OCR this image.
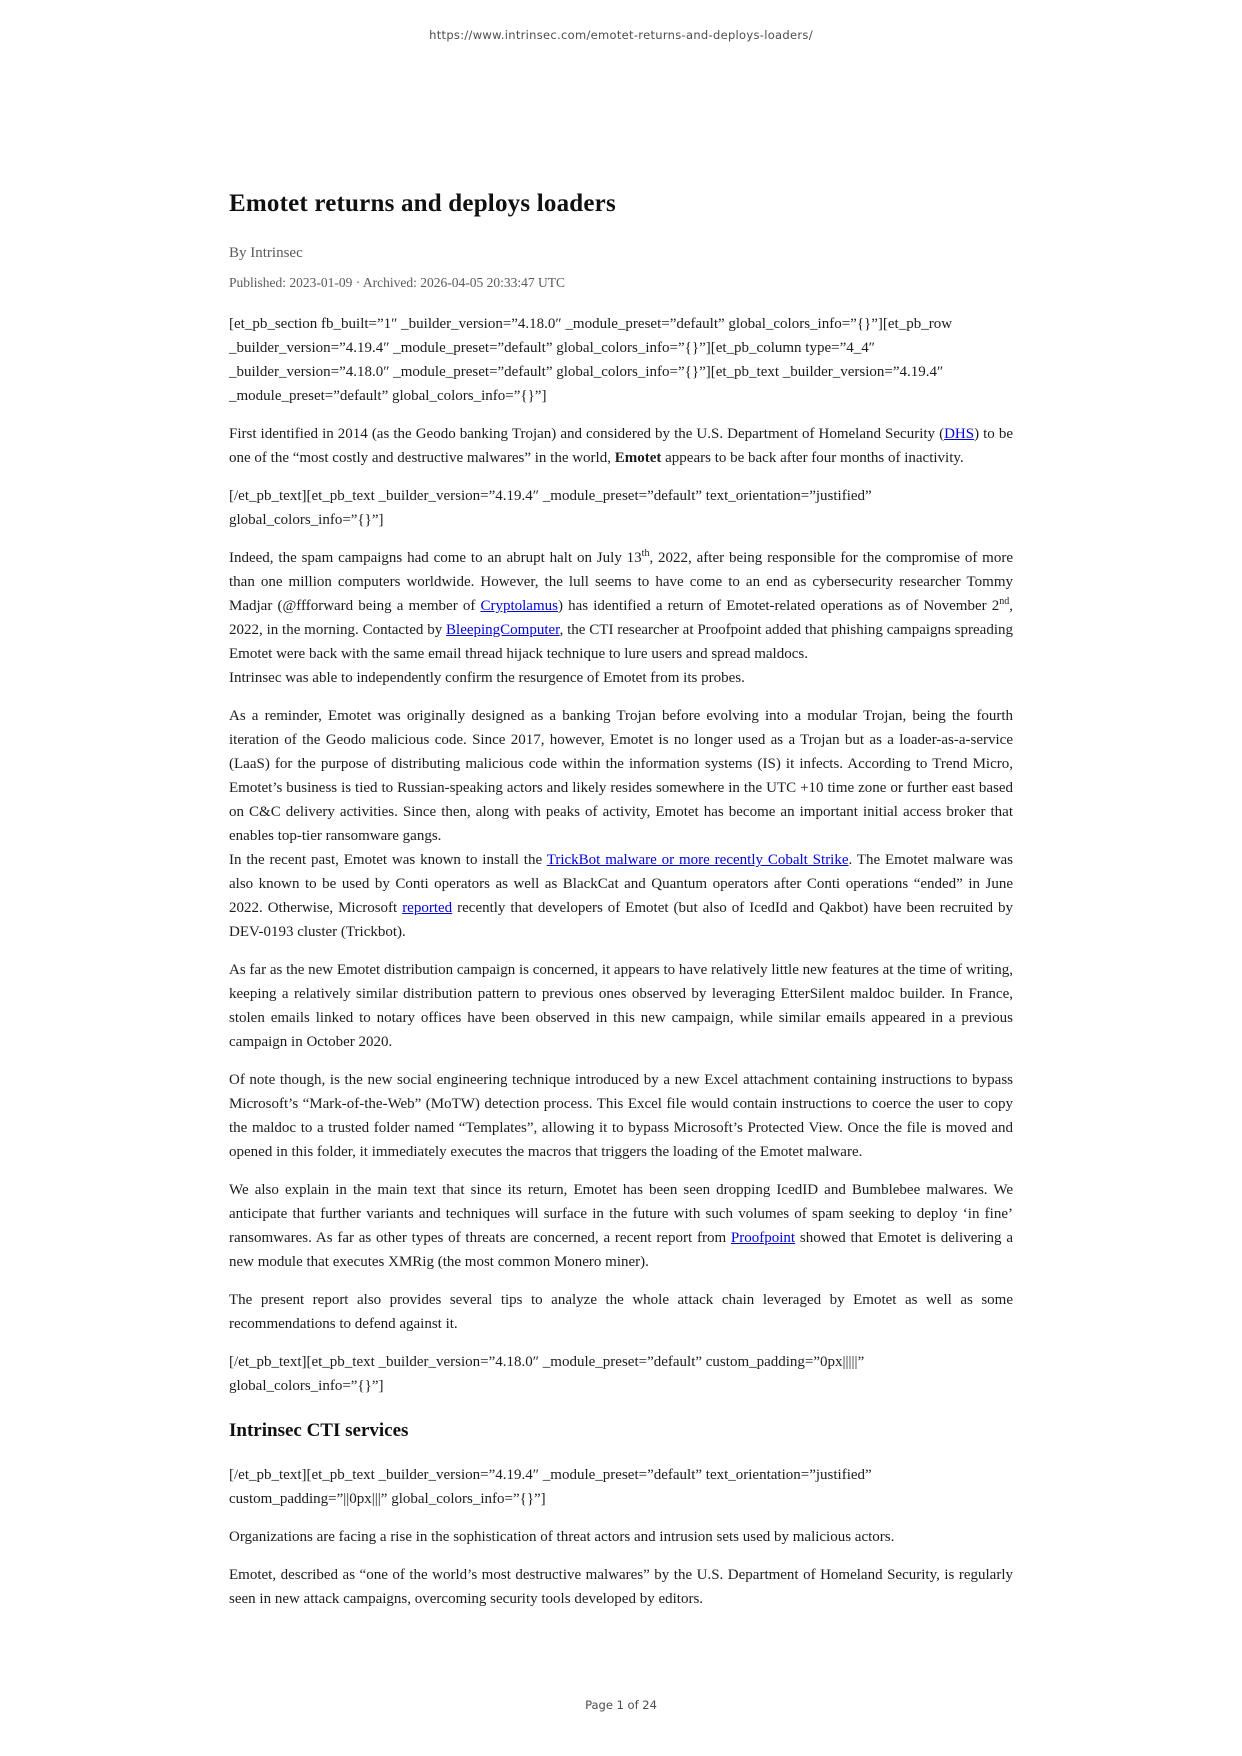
https://www.intrinsec.com/emotet-returns-and-deploys-loaders/
Emotet returns and deploys loaders
By Intrinsec
Published: 2023-01-09 · Archived: 2026-04-05 20:33:47 UTC

[et_pb_section fb_built=”1″ _builder_version=”4.18.0″ _module_preset=”default” global_colors_info=”{}”][et_pb_row _builder_version=”4.19.4″ _module_preset=”default” global_colors_info=”{}”][et_pb_column type=”4_4″ _builder_version=”4.18.0″ _module_preset=”default” global_colors_info=”{}”][et_pb_text _builder_version=”4.19.4″ _module_preset=”default” global_colors_info=”{}”]

First identified in 2014 (as the Geodo banking Trojan) and considered by the U.S. Department of Homeland Security (DHS) to be one of the “most costly and destructive malwares” in the world, Emotet appears to be back after four months of inactivity.

[/et_pb_text][et_pb_text _builder_version=”4.19.4″ _module_preset=”default” text_orientation=”justified” global_colors_info=”{}”]

Indeed, the spam campaigns had come to an abrupt halt on July 13th, 2022, after being responsible for the compromise of more than one million computers worldwide. However, the lull seems to have come to an end as cybersecurity researcher Tommy Madjar (@ffforward being a member of Cryptolamus) has identified a return of Emotet-related operations as of November 2nd, 2022, in the morning. Contacted by BleepingComputer, the CTI researcher at Proofpoint added that phishing campaigns spreading Emotet were back with the same email thread hijack technique to lure users and spread maldocs.
Intrinsec was able to independently confirm the resurgence of Emotet from its probes.

As a reminder, Emotet was originally designed as a banking Trojan before evolving into a modular Trojan, being the fourth iteration of the Geodo malicious code. Since 2017, however, Emotet is no longer used as a Trojan but as a loader-as-a-service (LaaS) for the purpose of distributing malicious code within the information systems (IS) it infects. According to Trend Micro, Emotet’s business is tied to Russian-speaking actors and likely resides somewhere in the UTC +10 time zone or further east based on C&C delivery activities. Since then, along with peaks of activity, Emotet has become an important initial access broker that enables top-tier ransomware gangs.
In the recent past, Emotet was known to install the TrickBot malware or more recently Cobalt Strike. The Emotet malware was also known to be used by Conti operators as well as BlackCat and Quantum operators after Conti operations “ended” in June 2022. Otherwise, Microsoft reported recently that developers of Emotet (but also of IcedId and Qakbot) have been recruited by DEV-0193 cluster (Trickbot).

As far as the new Emotet distribution campaign is concerned, it appears to have relatively little new features at the time of writing, keeping a relatively similar distribution pattern to previous ones observed by leveraging EtterSilent maldoc builder. In France, stolen emails linked to notary offices have been observed in this new campaign, while similar emails appeared in a previous campaign in October 2020.

Of note though, is the new social engineering technique introduced by a new Excel attachment containing instructions to bypass Microsoft’s “Mark-of-the-Web” (MoTW) detection process. This Excel file would contain instructions to coerce the user to copy the maldoc to a trusted folder named “Templates”, allowing it to bypass Microsoft’s Protected View. Once the file is moved and opened in this folder, it immediately executes the macros that triggers the loading of the Emotet malware.

We also explain in the main text that since its return, Emotet has been seen dropping IcedID and Bumblebee malwares. We anticipate that further variants and techniques will surface in the future with such volumes of spam seeking to deploy ‘in fine’ ransomwares. As far as other types of threats are concerned, a recent report from Proofpoint showed that Emotet is delivering a new module that executes XMRig (the most common Monero miner).

The present report also provides several tips to analyze the whole attack chain leveraged by Emotet as well as some recommendations to defend against it.

[/et_pb_text][et_pb_text _builder_version=”4.18.0″ _module_preset=”default” custom_padding=”0px|||||” global_colors_info=”{}”]

Intrinsec CTI services

[/et_pb_text][et_pb_text _builder_version=”4.19.4″ _module_preset=”default” text_orientation=”justified” custom_padding=”||0px|||” global_colors_info=”{}”]

Organizations are facing a rise in the sophistication of threat actors and intrusion sets used by malicious actors.

Emotet, described as “one of the world’s most destructive malwares” by the U.S. Department of Homeland Security, is regularly seen in new attack campaigns, overcoming security tools developed by editors.

Page 1 of 24
